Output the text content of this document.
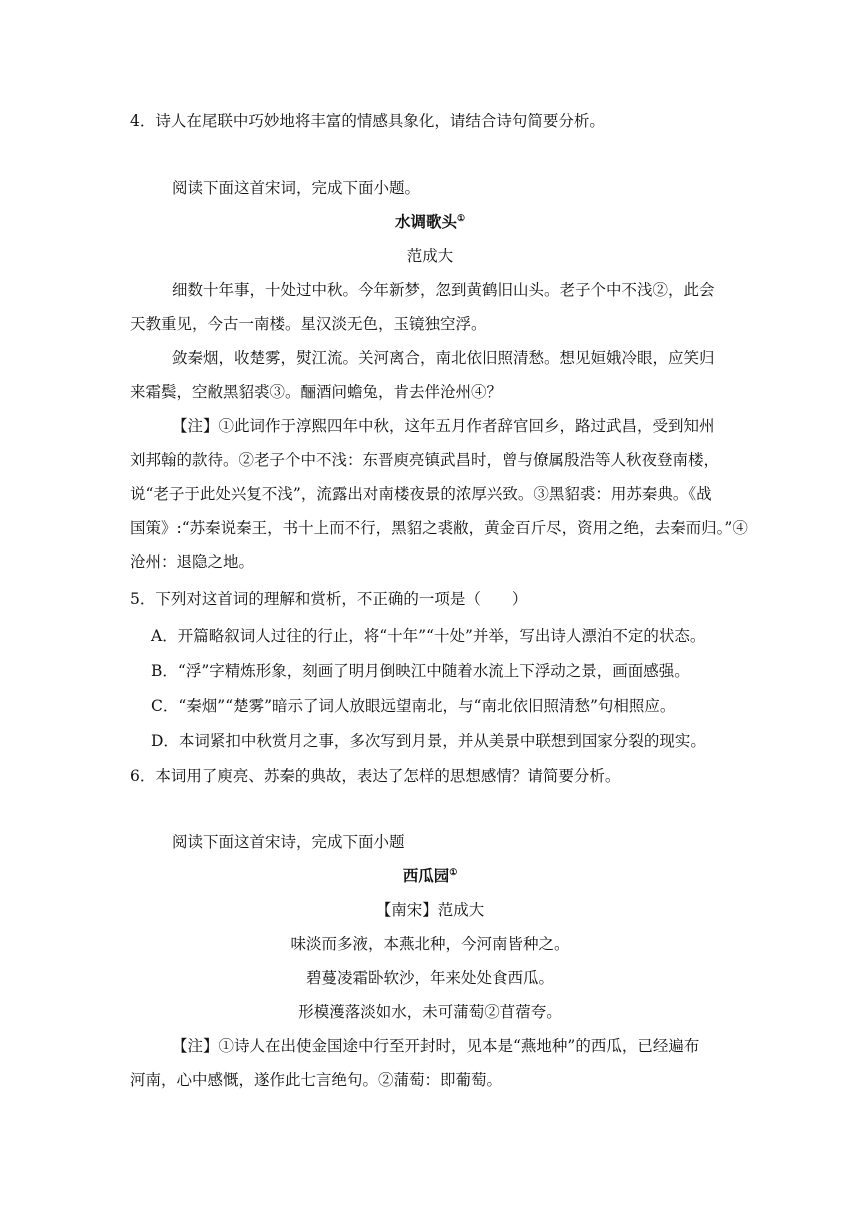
4．诗人在尾联中巧妙地将丰富的情感具象化，请结合诗句简要分析。
阅读下面这首宋词，完成下面小题。
水调歌头①
范成大
细数十年事，十处过中秋。今年新梦，忽到黄鹤旧山头。老子个中不浅②，此会
天教重见，今古一南楼。星汉淡无色，玉镜独空浮。
敛秦烟，收楚雾，熨江流。关河离合，南北依旧照清愁。想见姮娥冷眼，应笑归
来霜鬓，空敝黑貂裘③。酾酒问蟾兔，肯去伴沧州④？
【注】①此词作于淳熙四年中秋，这年五月作者辞官回乡，路过武昌，受到知州
刘邦翰的款待。②老子个中不浅：东晋庾亮镇武昌时，曾与僚属殷浩等人秋夜登南楼，
说“老子于此处兴复不浅”，流露出对南楼夜景的浓厚兴致。③黑貂裘：用苏秦典。《战
国策》:“苏秦说秦王，书十上而不行，黑貂之裘敝，黄金百斤尽，资用之绝，去秦而归。”④
沧州：退隐之地。
5．下列对这首词的理解和赏析，不正确的一项是（　　）
A．开篇略叙词人过往的行止，将“十年”“十处”并举，写出诗人漂泊不定的状态。
B．“浮”字精炼形象，刻画了明月倒映江中随着水流上下浮动之景，画面感强。
C．“秦烟”“楚雾”暗示了词人放眼远望南北，与“南北依旧照清愁”句相照应。
D．本词紧扣中秋赏月之事，多次写到月景，并从美景中联想到国家分裂的现实。
6．本词用了庾亮、苏秦的典故，表达了怎样的思想感情？请简要分析。
阅读下面这首宋诗，完成下面小题
西瓜园①
【南宋】范成大
味淡而多液，本燕北种，今河南皆种之。
碧蔓凌霜卧软沙，年来处处食西瓜。
形模濩落淡如水，未可蒲萄②苜蓿夸。
【注】①诗人在出使金国途中行至开封时，见本是“燕地种”的西瓜，已经遍布
河南，心中感慨，遂作此七言绝句。②蒲萄：即葡萄。
